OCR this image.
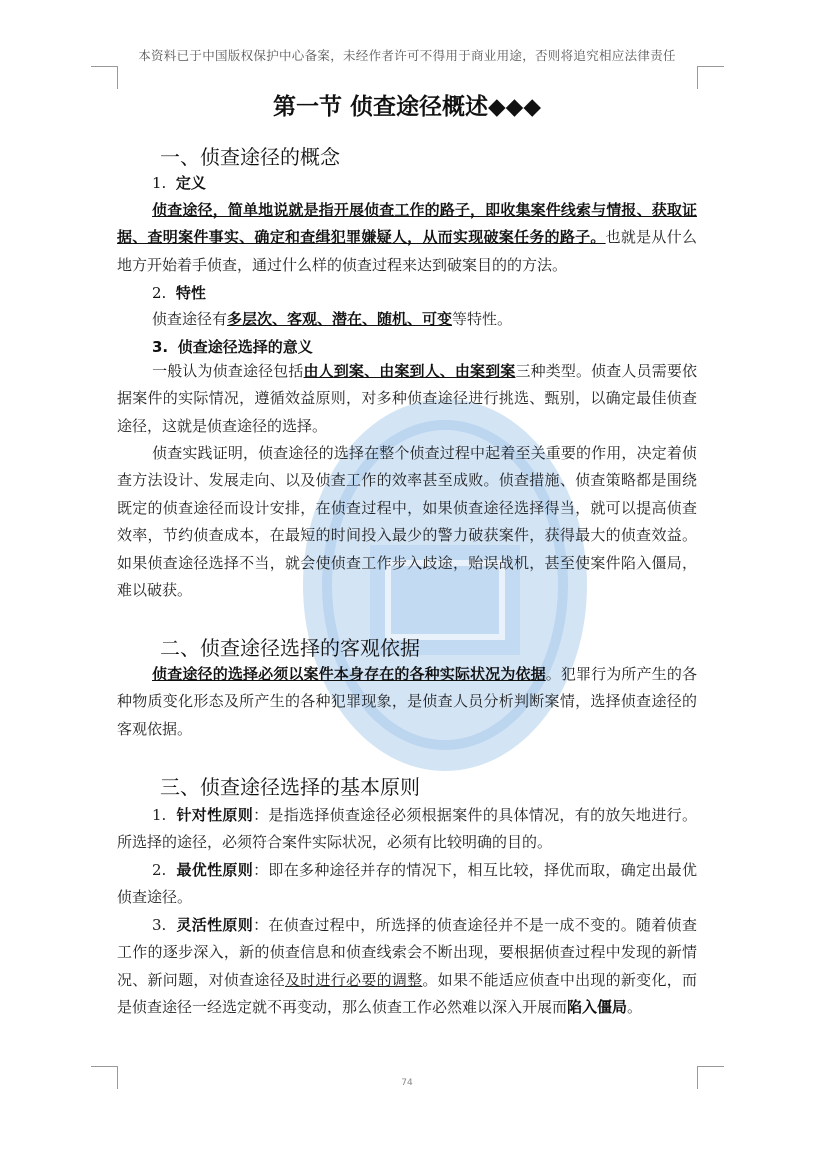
本资料已于中国版权保护中心备案，未经作者许可不得用于商业用途，否则将追究相应法律责任
第一节 侦查途径概述◆◆◆
一、侦查途径的概念
1. 定义
侦查途径，简单地说就是指开展侦查工作的路子，即收集案件线索与情报、获取证据、查明案件事实、确定和查缉犯罪嫌疑人，从而实现破案任务的路子。也就是从什么地方开始着手侦查，通过什么样的侦查过程来达到破案目的的方法。
2. 特性
侦查途径有多层次、客观、潜在、随机、可变等特性。
3. 侦查途径选择的意义
一般认为侦查途径包括由人到案、由案到人、由案到案三种类型。侦查人员需要依据案件的实际情况，遵循效益原则，对多种侦查途径进行挑选、甄别，以确定最佳侦查途径，这就是侦查途径的选择。
侦查实践证明，侦查途径的选择在整个侦查过程中起着至关重要的作用，决定着侦查方法设计、发展走向、以及侦查工作的效率甚至成败。侦查措施、侦查策略都是围绕既定的侦查途径而设计安排，在侦查过程中，如果侦查途径选择得当，就可以提高侦查效率，节约侦查成本，在最短的时间投入最少的警力破获案件，获得最大的侦查效益。如果侦查途径选择不当，就会使侦查工作步入歧途，贻误战机，甚至使案件陷入僵局，难以破获。
二、侦查途径选择的客观依据
侦查途径的选择必须以案件本身存在的各种实际状况为依据。犯罪行为所产生的各种物质变化形态及所产生的各种犯罪现象，是侦查人员分析判断案情，选择侦查途径的客观依据。
三、侦查途径选择的基本原则
1. 针对性原则：是指选择侦查途径必须根据案件的具体情况，有的放矢地进行。所选择的途径，必须符合案件实际状况，必须有比较明确的目的。
2. 最优性原则：即在多种途径并存的情况下，相互比较，择优而取，确定出最优侦查途径。
3. 灵活性原则：在侦查过程中，所选择的侦查途径并不是一成不变的。随着侦查工作的逐步深入，新的侦查信息和侦查线索会不断出现，要根据侦查过程中发现的新情况、新问题，对侦查途径及时进行必要的调整。如果不能适应侦查中出现的新变化，而是侦查途径一经选定就不再变动，那么侦查工作必然难以深入开展而陷入僵局。
74
